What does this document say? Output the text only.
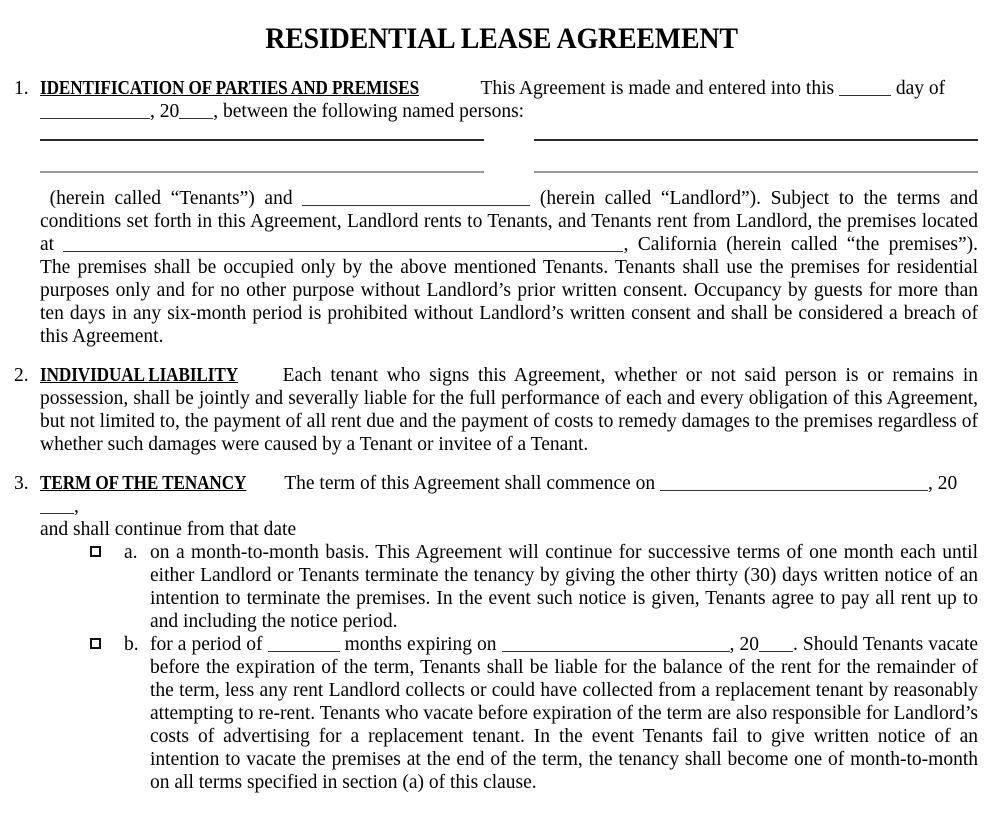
RESIDENTIAL LEASE AGREEMENT
1. IDENTIFICATION OF PARTIES AND PREMISES	This Agreement is made and entered into this	day of

, 20 , between the following named persons:

(herein called “Tenants”) and	(herein called “Landlord”). Subject to the terms and conditions set forth in this Agreement, Landlord rents to Tenants, and Tenants rent from Landlord, the premises located at	, California (herein called “the premises”). The premises shall be occupied only by the above mentioned Tenants. Tenants shall use the premises for residential purposes only and for no other purpose without Landlord’s prior written consent. Occupancy by guests for more than ten days in any six-month period is prohibited without Landlord’s written consent and shall be considered a breach of this Agreement.

2. INDIVIDUAL LIABILITY Each tenant who signs this Agreement, whether or not said person is or remains in possession, shall be jointly and severally liable for the full performance of each and every obligation of this Agreement, but not limited to, the payment of all rent due and the payment of costs to remedy damages to the premises regardless of whether such damages were caused by a Tenant or invitee of a Tenant.

3. TERM OF THE TENANCY The term of this Agreement shall commence on	, 20,

and shall continue from that date

a. on a month-to-month basis. This Agreement will continue for successive terms of one month each until either Landlord or Tenants terminate the tenancy by giving the other thirty (30) days written notice of an intention to terminate the premises. In the event such notice is given, Tenants agree to pay all rent up to and including the notice period.
b. for a period of	months expiring on	, 20 . Should Tenants vacate before the expiration of the term, Tenants shall be liable for the balance of the rent for the remainder of the term, less any rent Landlord collects or could have collected from a replacement tenant by reasonably attempting to re-rent. Tenants who vacate before expiration of the term are also responsible for Landlord’s costs of advertising for a replacement tenant. In the event Tenants fail to give written notice of an intention to vacate the premises at the end of the term, the tenancy shall become one of month-to-month on all terms specified in section (a) of this clause.
